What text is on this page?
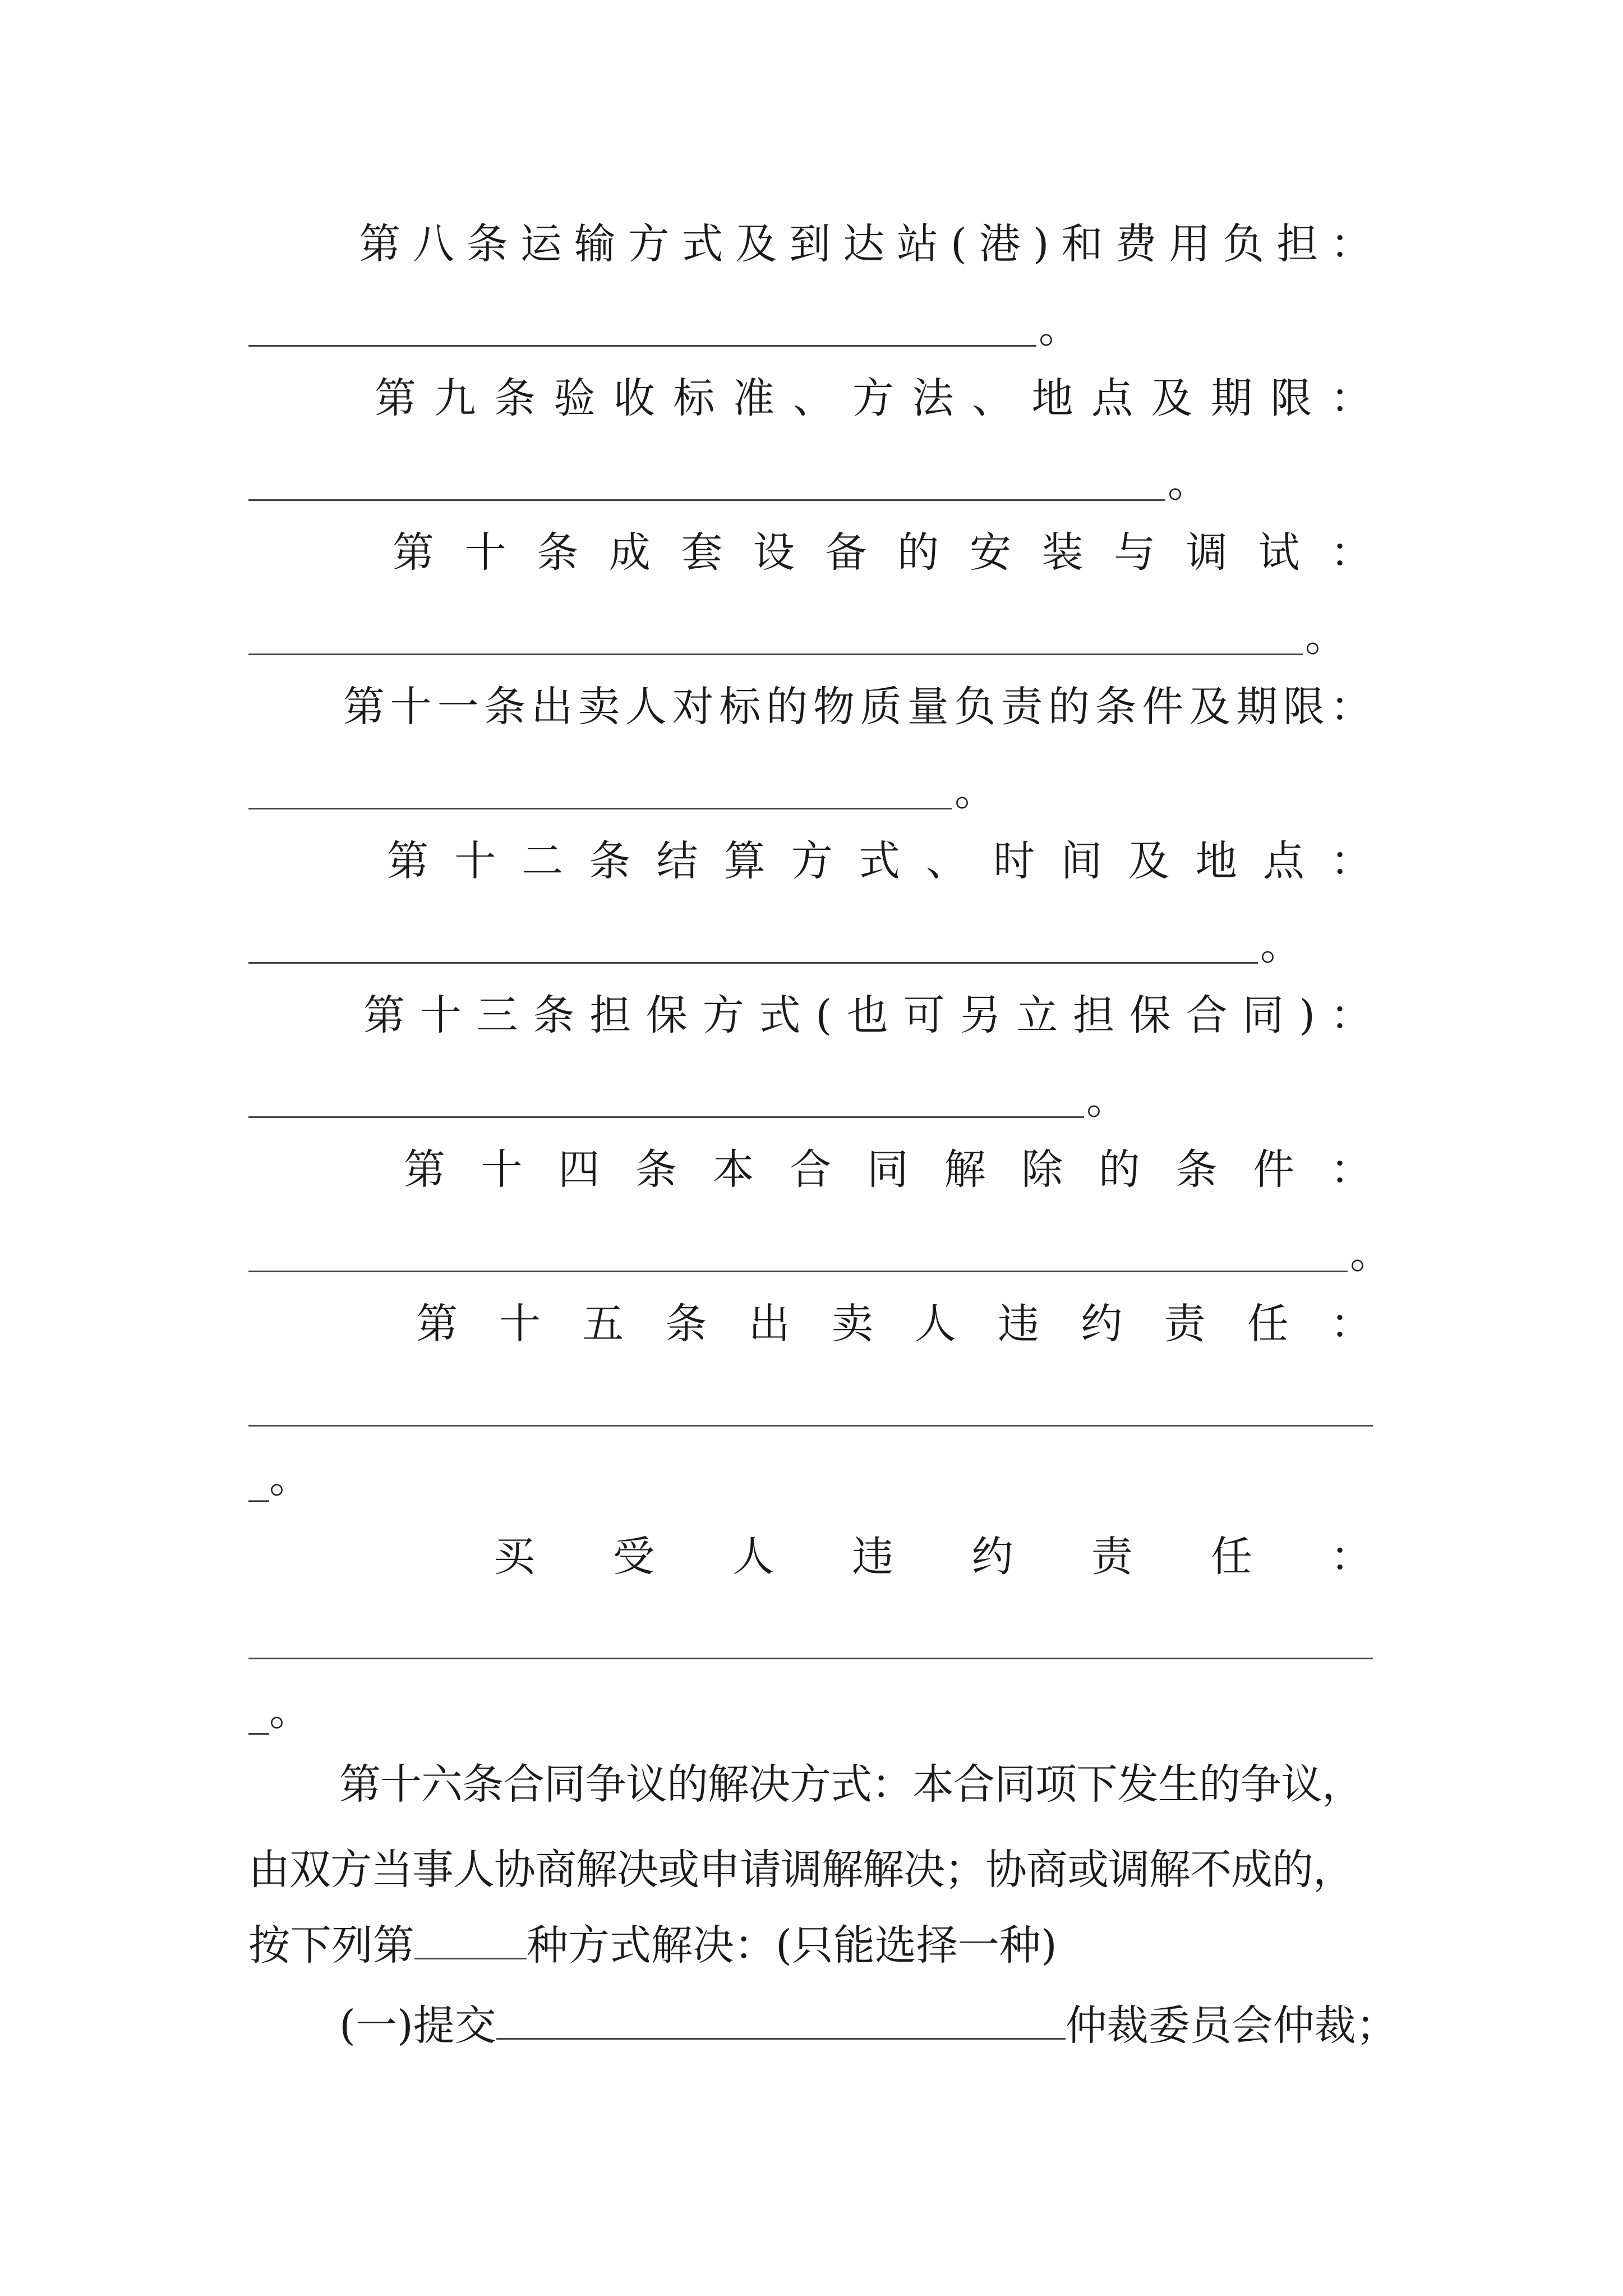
第 八 条 运 输 方 式 及 到 达 站 ( 港 ) 和 费 用 负 担 ：
。
第 九 条 验 收 标 准 、 方 法 、 地 点 及 期 限 ：
。
第 十 条 成 套 设 备 的 安 装 与 调 试 ：
。
第 十 一 条 出 卖 人 对 标 的 物 质 量 负 责 的 条 件 及 期 限 ：
。
第 十 二 条 结 算 方 式 、 时 间 及 地 点 ：
。
第 十 三 条 担 保 方 式 ( 也 可 另 立 担 保 合 同 ) ：
。
第 十 四 条 本 合 同 解 除 的 条 件 ：
。
第 十 五 条 出 卖 人 违 约 责 任 ：
_。
买 受 人 违 约 责 任 ：
_。
第十六条合同争议的解决方式：本合同项下发生的争议，
由双方当事人协商解决或申请调解解决；协商或调解不成的，
按下列第	种方式解决：(只能选择一种)
(一)提交	仲裁委员会仲裁；
